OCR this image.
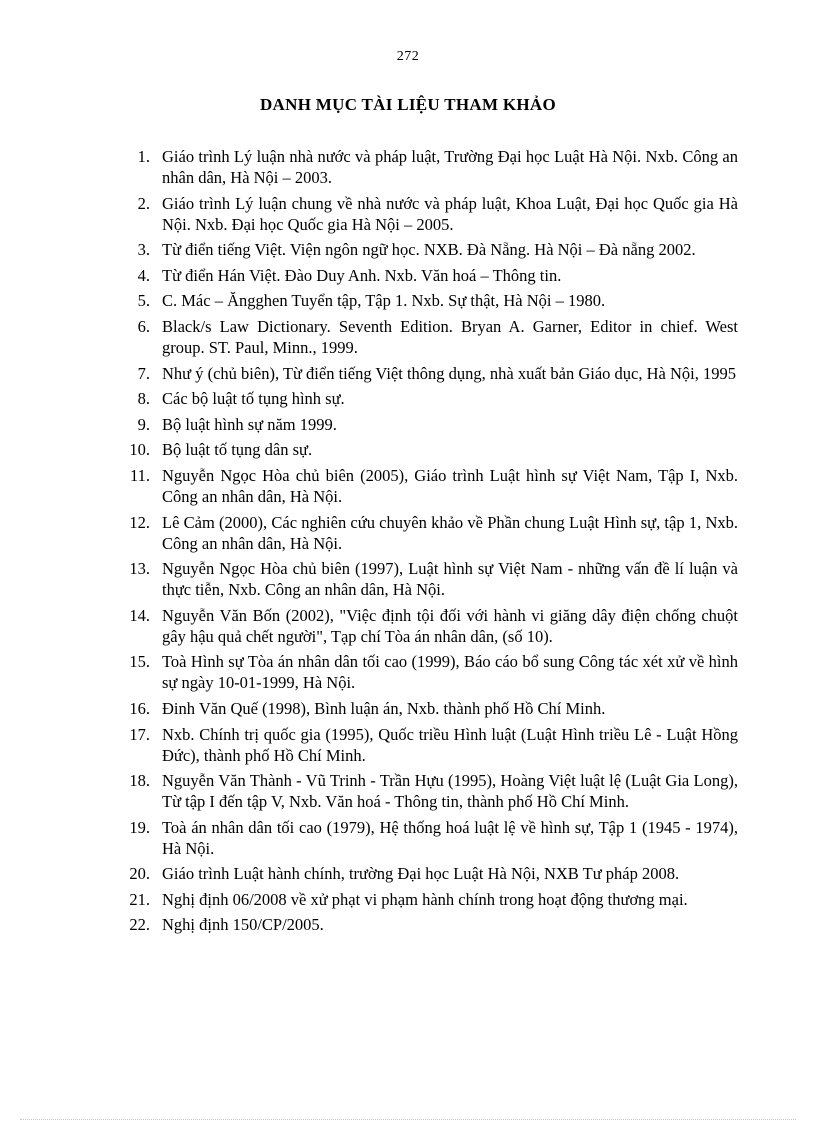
272
DANH MỤC TÀI LIỆU THAM KHẢO
1. Giáo trình Lý luận nhà nước và pháp luật, Trường Đại học Luật Hà Nội. Nxb. Công an nhân dân, Hà Nội – 2003.
2. Giáo trình Lý luận chung về nhà nước và pháp luật, Khoa Luật, Đại học Quốc gia Hà Nội. Nxb. Đại học Quốc gia Hà Nội – 2005.
3. Từ điển tiếng Việt. Viện ngôn ngữ học. NXB. Đà Nẵng. Hà Nội – Đà nẵng 2002.
4. Từ điển Hán Việt. Đào Duy Anh. Nxb. Văn hoá – Thông tin.
5. C. Mác – Ăngghen Tuyển tập, Tập 1. Nxb. Sự thật, Hà Nội – 1980.
6. Black/s Law Dictionary. Seventh Edition. Bryan A. Garner, Editor in chief. West group. ST. Paul, Minn., 1999.
7. Như ý (chủ biên), Từ điển tiếng Việt thông dụng, nhà xuất bản Giáo dục, Hà Nội, 1995
8. Các bộ luật tố tụng hình sự.
9. Bộ luật hình sự năm 1999.
10. Bộ luật tố tụng dân sự.
11. Nguyễn Ngọc Hòa chủ biên (2005), Giáo trình Luật hình sự Việt Nam, Tập I, Nxb. Công an nhân dân, Hà Nội.
12. Lê Cảm (2000), Các nghiên cứu chuyên khảo về Phần chung Luật Hình sự, tập 1, Nxb. Công an nhân dân, Hà Nội.
13. Nguyễn Ngọc Hòa chủ biên (1997), Luật hình sự Việt Nam - những vấn đề lí luận và thực tiễn, Nxb. Công an nhân dân, Hà Nội.
14. Nguyễn Văn Bốn (2002), "Việc định tội đối với hành vi giăng dây điện chống chuột gây hậu quả chết người", Tạp chí Tòa án nhân dân, (số 10).
15. Toà Hình sự Tòa án nhân dân tối cao (1999), Báo cáo bổ sung Công tác xét xử về hình sự ngày 10-01-1999, Hà Nội.
16. Đinh Văn Quế (1998), Bình luận án, Nxb. thành phố Hồ Chí Minh.
17. Nxb. Chính trị quốc gia (1995), Quốc triều Hình luật (Luật Hình triều Lê - Luật Hồng Đức), thành phố Hồ Chí Minh.
18. Nguyễn Văn Thành - Vũ Trinh - Trần Hựu (1995), Hoàng Việt luật lệ (Luật Gia Long), Từ tập I đến tập V, Nxb. Văn hoá - Thông tin, thành phố Hồ Chí Minh.
19. Toà án nhân dân tối cao (1979), Hệ thống hoá luật lệ về hình sự, Tập 1 (1945 - 1974), Hà Nội.
20. Giáo trình Luật hành chính, trường Đại học Luật Hà Nội, NXB Tư pháp 2008.
21. Nghị định 06/2008 về xử phạt vi phạm hành chính trong hoạt động thương mại.
22. Nghị định 150/CP/2005.
